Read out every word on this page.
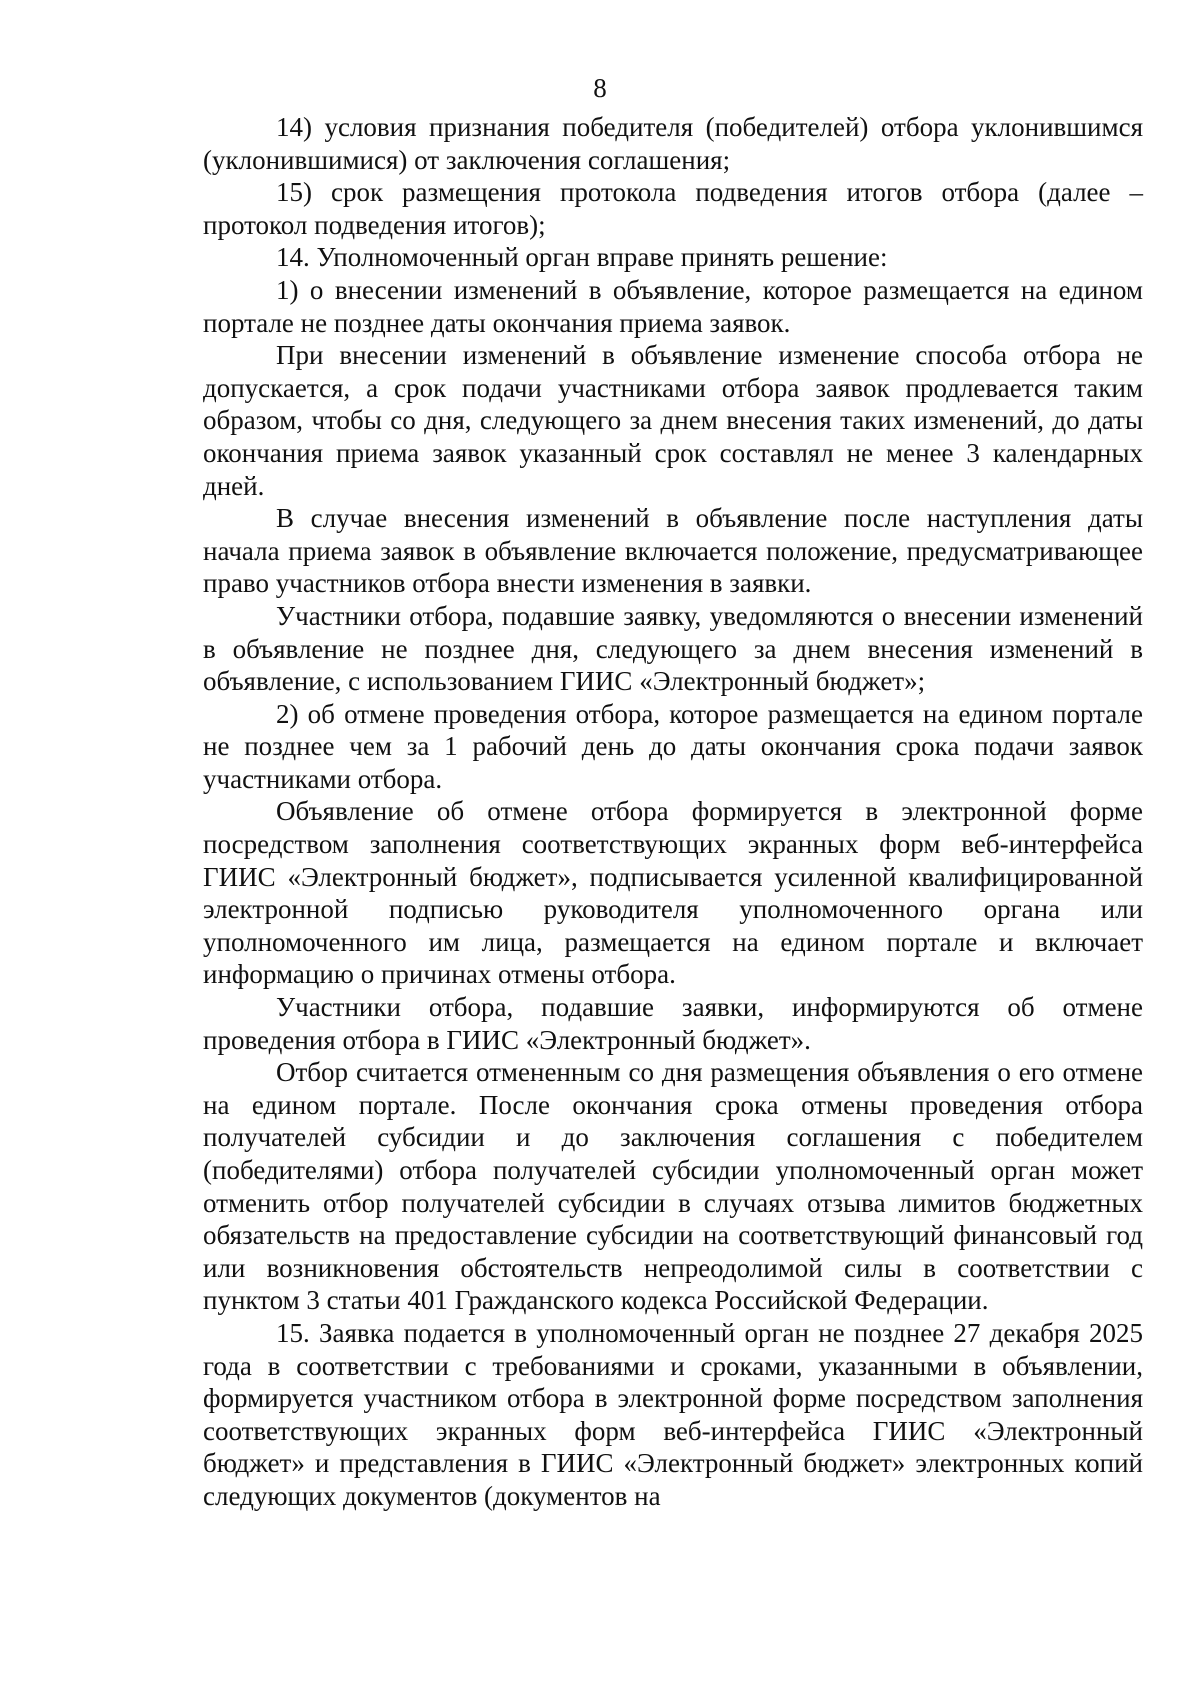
8

14) условия признания победителя (победителей) отбора уклонившимся (уклонившимися) от заключения соглашения;

15) срок размещения протокола подведения итогов отбора (далее – протокол подведения итогов);

14. Уполномоченный орган вправе принять решение:

1) о внесении изменений в объявление, которое размещается на едином портале не позднее даты окончания приема заявок.

При внесении изменений в объявление изменение способа отбора не допускается, а срок подачи участниками отбора заявок продлевается таким образом, чтобы со дня, следующего за днем внесения таких изменений, до даты окончания приема заявок указанный срок составлял не менее 3 календарных дней.

В случае внесения изменений в объявление после наступления даты начала приема заявок в объявление включается положение, предусматривающее право участников отбора внести изменения в заявки.

Участники отбора, подавшие заявку, уведомляются о внесении изменений в объявление не позднее дня, следующего за днем внесения изменений в объявление, с использованием ГИИС «Электронный бюджет»;

2) об отмене проведения отбора, которое размещается на едином портале не позднее чем за 1 рабочий день до даты окончания срока подачи заявок участниками отбора.

Объявление об отмене отбора формируется в электронной форме посредством заполнения соответствующих экранных форм веб-интерфейса ГИИС «Электронный бюджет», подписывается усиленной квалифицированной электронной подписью руководителя уполномоченного органа или уполномоченного им лица, размещается на едином портале и включает информацию о причинах отмены отбора.

Участники отбора, подавшие заявки, информируются об отмене проведения отбора в ГИИС «Электронный бюджет».

Отбор считается отмененным со дня размещения объявления о его отмене на едином портале. После окончания срока отмены проведения отбора получателей субсидии и до заключения соглашения с победителем (победителями) отбора получателей субсидии уполномоченный орган может отменить отбор получателей субсидии в случаях отзыва лимитов бюджетных обязательств на предоставление субсидии на соответствующий финансовый год или возникновения обстоятельств непреодолимой силы в соответствии с пунктом 3 статьи 401 Гражданского кодекса Российской Федерации.

15. Заявка подается в уполномоченный орган не позднее 27 декабря 2025 года в соответствии с требованиями и сроками, указанными в объявлении, формируется участником отбора в электронной форме посредством заполнения соответствующих экранных форм веб-интерфейса ГИИС «Электронный бюджет» и представления в ГИИС «Электронный бюджет» электронных копий следующих документов (документов на
